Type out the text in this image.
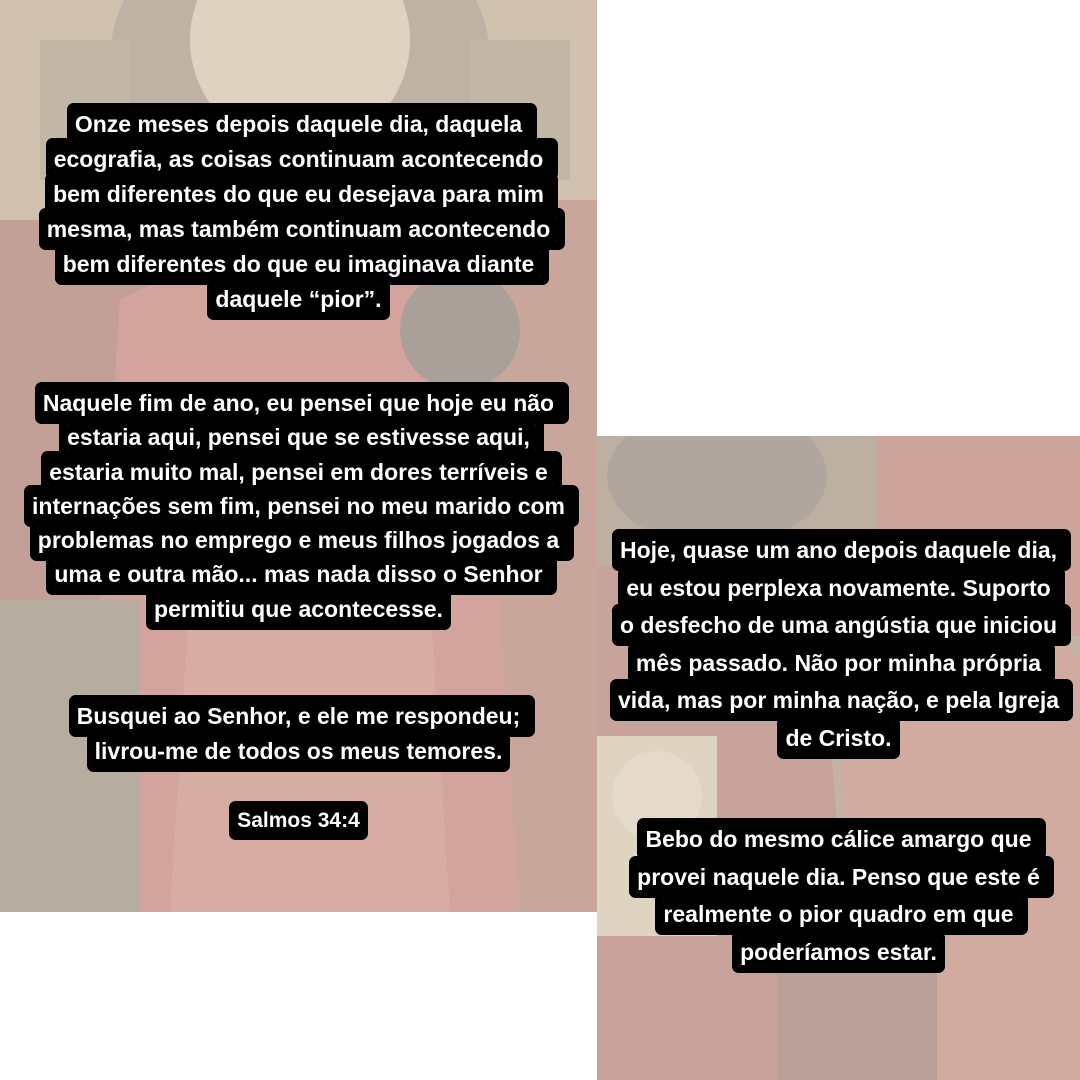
Onze meses depois daquele dia, daquela ecografia, as coisas continuam acontecendo bem diferentes do que eu desejava para mim mesma, mas também continuam acontecendo bem diferentes do que eu imaginava diante daquele “pior”.
Naquele fim de ano, eu pensei que hoje eu não estaria aqui, pensei que se estivesse aqui, estaria muito mal, pensei em dores terríveis e internações sem fim, pensei no meu marido com problemas no emprego e meus filhos jogados a uma e outra mão... mas nada disso o Senhor permitiu que acontecesse.
Busquei ao Senhor, e ele me respondeu; livrou-me de todos os meus temores.
Salmos 34:4
Hoje, quase um ano depois daquele dia, eu estou perplexa novamente. Suporto o desfecho de uma angústia que iniciou mês passado. Não por minha própria vida, mas por minha nação, e pela Igreja de Cristo.
Bebo do mesmo cálice amargo que provei naquele dia. Penso que este é realmente o pior quadro em que poderíamos estar.
